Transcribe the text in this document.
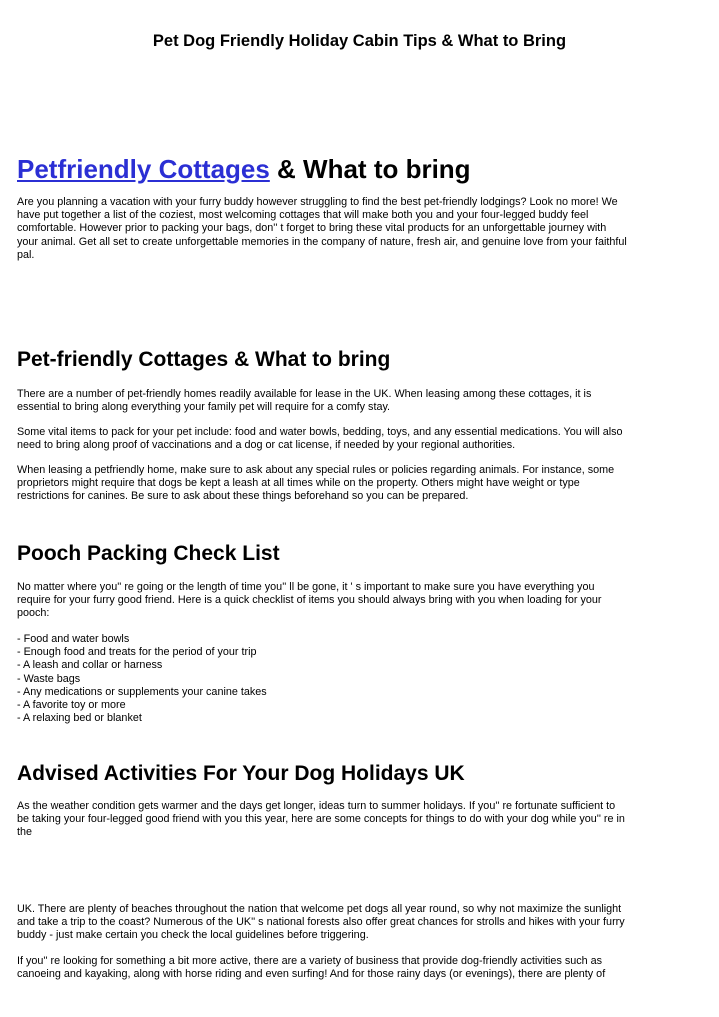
Pet Dog Friendly Holiday Cabin Tips & What to Bring
Petfriendly Cottages & What to bring
Are you planning a vacation with your furry buddy however struggling to find the best pet-friendly lodgings? Look no more! We
have put together a list of the coziest, most welcoming cottages that will make both you and your four-legged buddy feel
comfortable. However prior to packing your bags, don'' t forget to bring these vital products for an unforgettable journey with
your animal. Get all set to create unforgettable memories in the company of nature, fresh air, and genuine love from your faithful
pal.
Pet-friendly Cottages & What to bring
There are a number of pet-friendly homes readily available for lease in the UK. When leasing among these cottages, it is
essential to bring along everything your family pet will require for a comfy stay.
Some vital items to pack for your pet include: food and water bowls, bedding, toys, and any essential medications. You will also
need to bring along proof of vaccinations and a dog or cat license, if needed by your regional authorities.
When leasing a petfriendly home, make sure to ask about any special rules or policies regarding animals. For instance, some
proprietors might require that dogs be kept a leash at all times while on the property. Others might have weight or type
restrictions for canines. Be sure to ask about these things beforehand so you can be prepared.
Pooch Packing Check List
No matter where you'' re going or the length of time you'' ll be gone, it ' s important to make sure you have everything you
require for your furry good friend. Here is a quick checklist of items you should always bring with you when loading for your
pooch:
- Food and water bowls
- Enough food and treats for the period of your trip
- A leash and collar or harness
- Waste bags
- Any medications or supplements your canine takes
- A favorite toy or more
- A relaxing bed or blanket
Advised Activities For Your Dog Holidays UK
As the weather condition gets warmer and the days get longer, ideas turn to summer holidays. If you'' re fortunate sufficient to
be taking your four-legged good friend with you this year, here are some concepts for things to do with your dog while you'' re in
the
UK. There are plenty of beaches throughout the nation that welcome pet dogs all year round, so why not maximize the sunlight
and take a trip to the coast? Numerous of the UK'' s national forests also offer great chances for strolls and hikes with your furry
buddy - just make certain you check the local guidelines before triggering.
If you'' re looking for something a bit more active, there are a variety of business that provide dog-friendly activities such as
canoeing and kayaking, along with horse riding and even surfing! And for those rainy days (or evenings), there are plenty of
